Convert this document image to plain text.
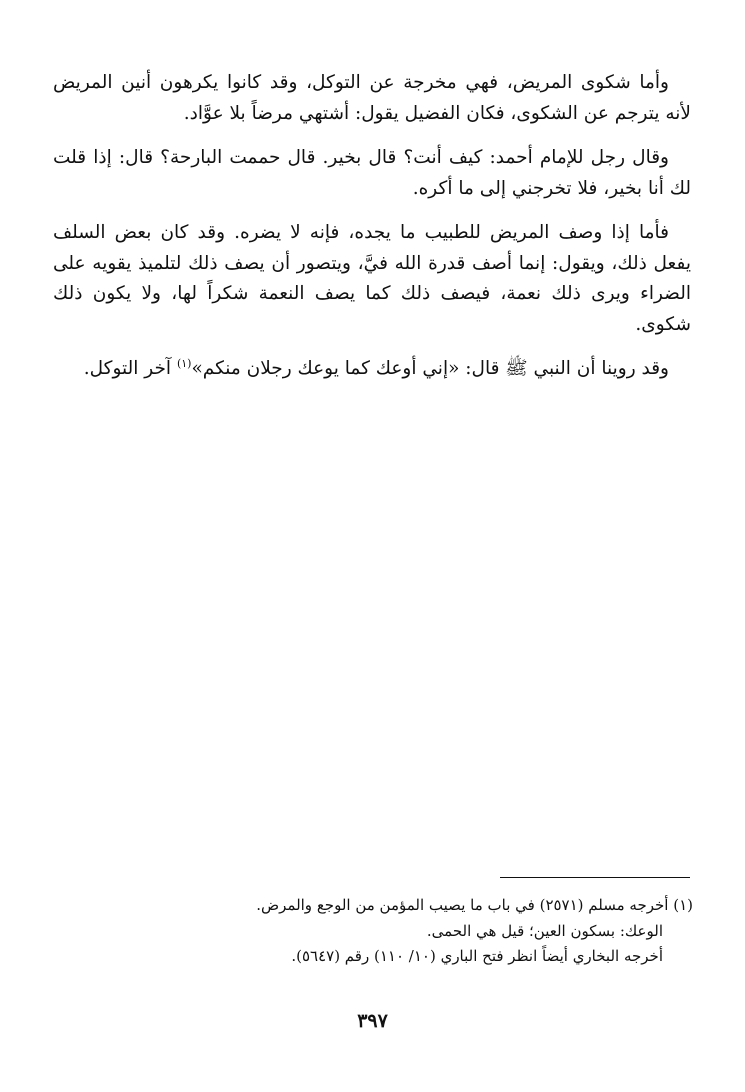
وأما شكوى المريض، فهي مخرجة عن التوكل، وقد كانوا يكرهون أنين المريض لأنه يترجم عن الشكوى، فكان الفضيل يقول: أشتهي مرضاً بلا عوَّاد.

وقال رجل للإمام أحمد: كيف أنت؟ قال بخير. قال حممت البارحة؟ قال: إذا قلت لك أنا بخير، فلا تخرجني إلى ما أكره.

فأما إذا وصف المريض للطبيب ما يجده، فإنه لا يضره. وقد كان بعض السلف يفعل ذلك، ويقول: إنما أصف قدرة الله فيَّ، ويتصور أن يصف ذلك لتلميذ يقويه على الضراء ويرى ذلك نعمة، فيصف ذلك كما يصف النعمة شكراً لها، ولا يكون ذلك شكوى.

وقد روينا أن النبي ﷺ قال: «إني أوعك كما يوعك رجلان منكم»$^{(١)}$ آخر التوكل.

(١) أخرجه مسلم (٢٥٧١) في باب ما يصيب المؤمن من الوجع والمرض.
الوعك: بسكون العين؛ قيل هي الحمى.
أخرجه البخاري أيضاً انظر فتح الباري (١٠/ ١١٠) رقم (٥٦٤٧).
٣٩٧
